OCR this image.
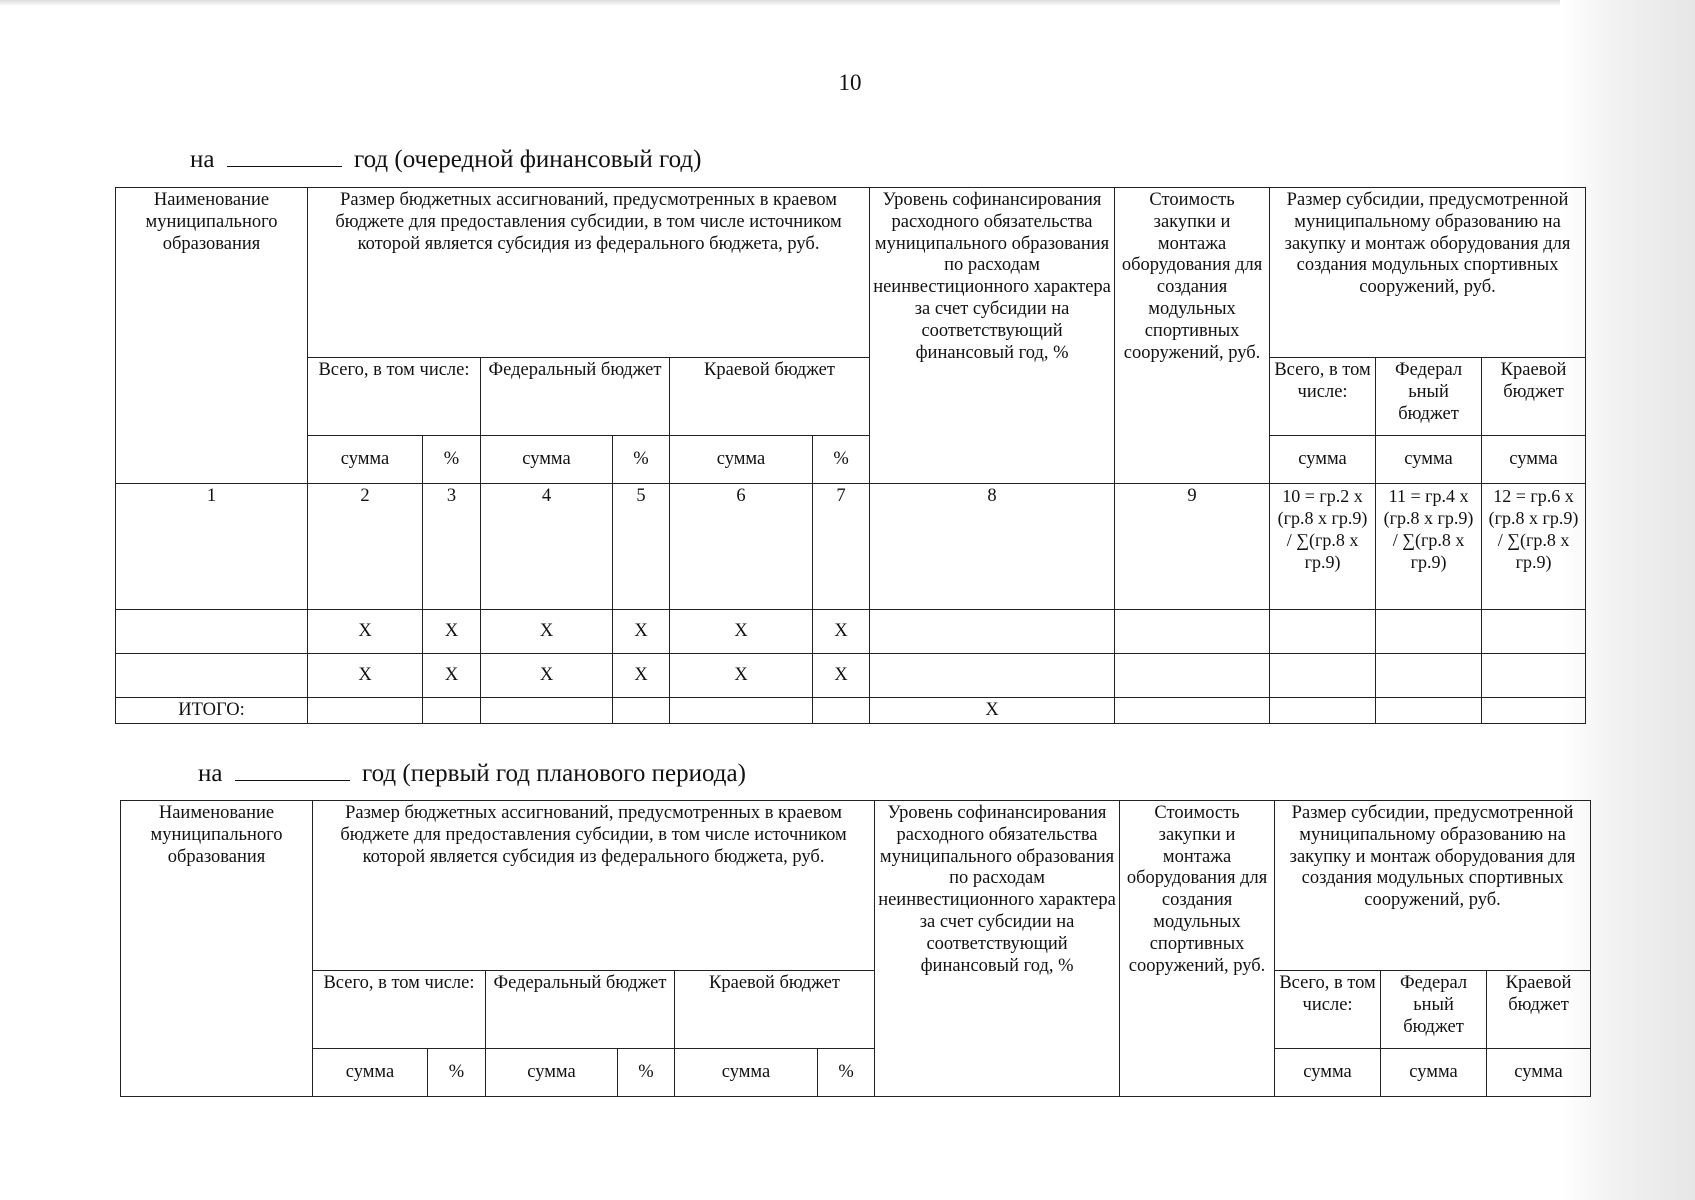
10
на	год (очередной финансовый год)
Наименование муниципального образования	Размер бюджетных ассигнований, предусмотренных в краевом бюджете для предоставления субсидии, в том числе источником которой является субсидия из федерального бюджета, руб.						Уровень софинансирования расходного обязательства муниципального образования по расходам неинвестиционного характера за счет субсидии на соответствующий финансовый год, %	Стоимость закупки и монтажа оборудования для создания модульных спортивных сооружений, руб.	Размер субсидии, предусмотренной муниципальному образованию на закупку и монтаж оборудования для создания модульных спортивных сооружений, руб.		
	Всего, в том числе:		Федеральный бюджет		Краевой бюджет				Всего, в том числе:	Федерал ьный бюджет	Краевой бюджет
	сумма	%	сумма	%	сумма	%			сумма	сумма	сумма
1	2	3	4	5	6	7	8	9	10 = гр.2 х (гр.8 х гр.9) / ∑(гр.8 х гр.9)	11 = гр.4 х (гр.8 х гр.9) / ∑(гр.8 х гр.9)	12 = гр.6 х (гр.8 х гр.9) / ∑(гр.8 х гр.9)
	Х	Х	Х	Х	Х	Х					
	Х	Х	Х	Х	Х	Х					
ИТОГО:							Х				
на	год (первый год планового периода)
Наименование муниципального образования	Размер бюджетных ассигнований, предусмотренных в краевом бюджете для предоставления субсидии, в том числе источником которой является субсидия из федерального бюджета, руб.						Уровень софинансирования расходного обязательства муниципального образования по расходам неинвестиционного характера за счет субсидии на соответствующий финансовый год, %	Стоимость закупки и монтажа оборудования для создания модульных спортивных сооружений, руб.	Размер субсидии, предусмотренной муниципальному образованию на закупку и монтаж оборудования для создания модульных спортивных сооружений, руб.		
	Всего, в том числе:		Федеральный бюджет		Краевой бюджет				Всего, в том числе:	Федерал ьный бюджет	Краевой бюджет
	сумма	%	сумма	%	сумма	%			сумма	сумма	сумма
